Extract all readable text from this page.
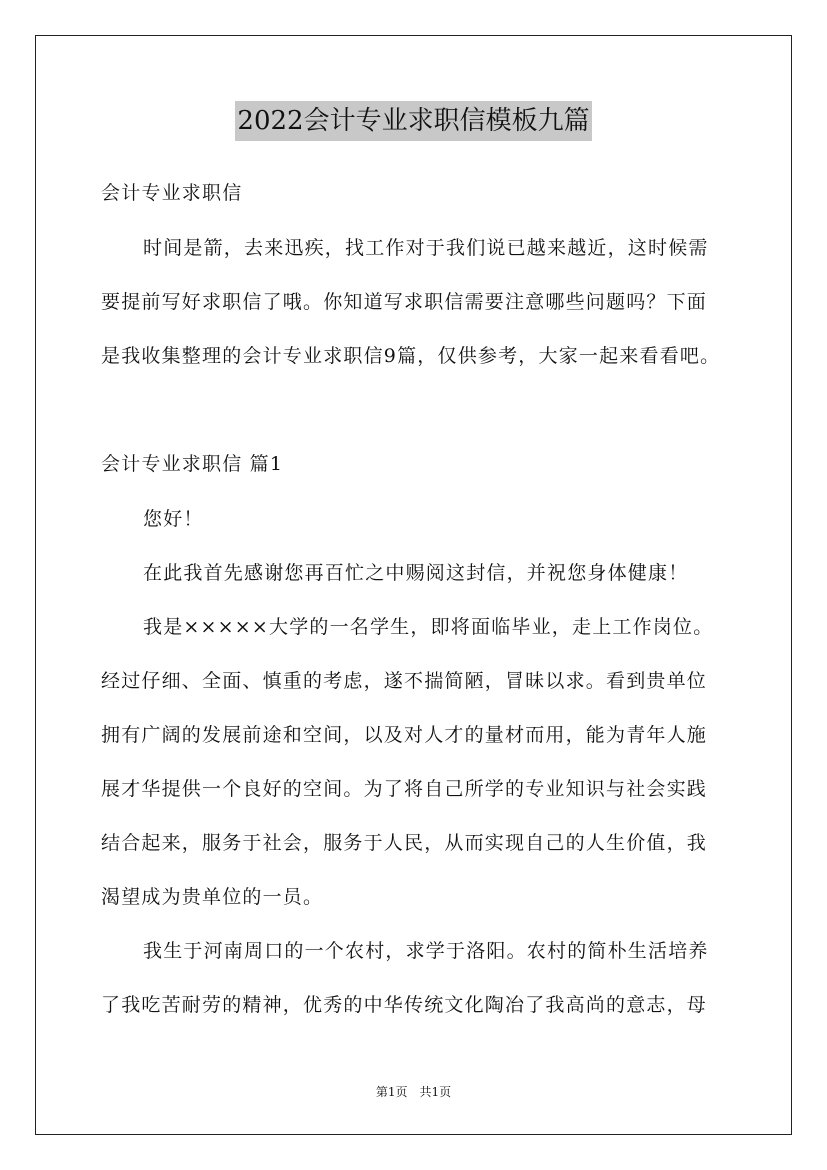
2022会计专业求职信模板九篇
会计专业求职信
时间是箭，去来迅疾，找工作对于我们说已越来越近，这时候需
要提前写好求职信了哦。你知道写求职信需要注意哪些问题吗？下面
是我收集整理的会计专业求职信9篇，仅供参考，大家一起来看看吧。
会计专业求职信 篇1
您好！
在此我首先感谢您再百忙之中赐阅这封信，并祝您身体健康！
我是×××××大学的一名学生，即将面临毕业，走上工作岗位。
经过仔细、全面、慎重的考虑，遂不揣简陋，冒昧以求。看到贵单位
拥有广阔的发展前途和空间，以及对人才的量材而用，能为青年人施
展才华提供一个良好的空间。为了将自己所学的专业知识与社会实践
结合起来，服务于社会，服务于人民，从而实现自己的人生价值，我
渴望成为贵单位的一员。
我生于河南周口的一个农村，求学于洛阳。农村的简朴生活培养
了我吃苦耐劳的精神，优秀的中华传统文化陶冶了我高尚的意志，母
第1页　共1页
